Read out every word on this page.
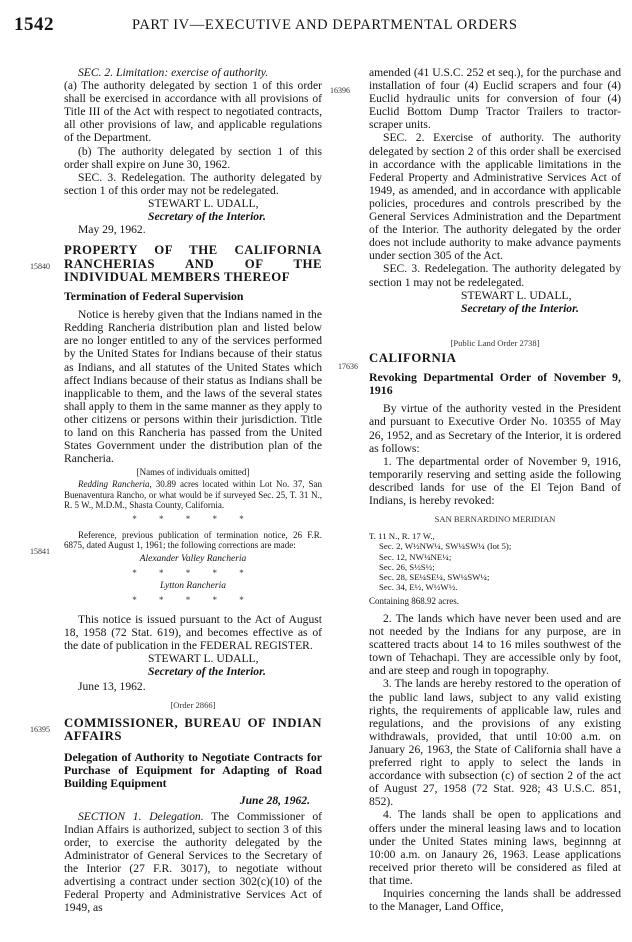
1542	PART IV—EXECUTIVE AND DEPARTMENTAL ORDERS
16396
15840
17636
15841
16395

SEC. 2. Limitation: exercise of authority.

(a) The authority delegated by section 1 of this order shall be exercised in accordance with all provisions of Title III of the Act with respect to negotiated contracts, all other provisions of law, and applicable regulations of the Department.

(b) The authority delegated by section 1 of this order shall expire on June 30, 1962.

SEC. 3. Redelegation. The authority delegated by section 1 of this order may not be redelegated.

STEWART L. UDALL,

Secretary of the Interior.

May 29, 1962.

PROPERTY OF THE CALIFORNIA RANCHERIAS AND OF THE INDIVIDUAL MEMBERS THEREOF

Termination of Federal Supervision

Notice is hereby given that the Indians named in the Redding Rancheria distribution plan and listed below are no longer entitled to any of the services performed by the United States for Indians because of their status as Indians, and all statutes of the United States which affect Indians because of their status as Indians shall be inapplicable to them, and the laws of the several states shall apply to them in the same manner as they apply to other citizens or persons within their jurisdiction. Title to land on this Rancheria has passed from the United States Government under the distribution plan of the Rancheria.

[Names of individuals omitted]

Redding Rancheria, 30.89 acres located within Lot No. 37, San Buenaventura Rancho, or what would be if surveyed Sec. 25, T. 31 N., R. 5 W., M.D.M., Shasta County, California.

* * * * *

Reference, previous publication of termination notice, 26 F.R. 6875, dated August 1, 1961; the following corrections are made:

Alexander Valley Rancheria

* * * * *

Lytton Rancheria

* * * * *

This notice is issued pursuant to the Act of August 18, 1958 (72 Stat. 619), and becomes effective as of the date of publication in the FEDERAL REGISTER.

STEWART L. UDALL,

Secretary of the Interior.

June 13, 1962.

[Order 2866]

COMMISSIONER, BUREAU OF INDIAN AFFAIRS

Delegation of Authority to Negotiate Contracts for Purchase of Equipment for Adapting of Road Building Equipment

June 28, 1962.

SECTION 1. Delegation. The Commissioner of Indian Affairs is authorized, subject to section 3 of this order, to exercise the authority delegated by the Administrator of General Services to the Secretary of the Interior (27 F.R. 3017), to negotiate without advertising a contract under section 302(c)(10) of the Federal Property and Administrative Services Act of 1949, as

amended (41 U.S.C. 252 et seq.), for the purchase and installation of four (4) Euclid scrapers and four (4) Euclid hydraulic units for conversion of four (4) Euclid Bottom Dump Tractor Trailers to tractor-scraper units.

SEC. 2. Exercise of authority. The authority delegated by section 2 of this order shall be exercised in accordance with the applicable limitations in the Federal Property and Administrative Services Act of 1949, as amended, and in accordance with applicable policies, procedures and controls prescribed by the General Services Administration and the Department of the Interior. The authority delegated by the order does not include authority to make advance payments under section 305 of the Act.

SEC. 3. Redelegation. The authority delegated by section 1 may not be redelegated.

STEWART L. UDALL,

Secretary of the Interior.

[Public Land Order 2738]

CALIFORNIA

Revoking Departmental Order of November 9, 1916

By virtue of the authority vested in the President and pursuant to Executive Order No. 10355 of May 26, 1952, and as Secretary of the Interior, it is ordered as follows:

1. The departmental order of November 9, 1916, temporarily reserving and setting aside the following described lands for use of the El Tejon Band of Indians, is hereby revoked:

SAN BERNARDINO MERIDIAN

T. 11 N., R. 17 W.,
Sec. 2, W½NW¼, SW¼SW¼ (lot 5);
Sec. 12, NW¼NE¼;
Sec. 26, S½S½;
Sec. 28, SE¼SE¼, SW¼SW¼;
Sec. 34, E½, W½W½.

Containing 868.92 acres.

2. The lands which have never been used and are not needed by the Indians for any purpose, are in scattered tracts about 14 to 16 miles southwest of the town of Tehachapi. They are accessible only by foot, and are steep and rough in topography.

3. The lands are hereby restored to the operation of the public land laws, subject to any valid existing rights, the requirements of applicable law, rules and regulations, and the provisions of any existing withdrawals, provided, that until 10:00 a.m. on January 26, 1963, the State of California shall have a preferred right to apply to select the lands in accordance with subsection (c) of section 2 of the act of August 27, 1958 (72 Stat. 928; 43 U.S.C. 851, 852).

4. The lands shall be open to applications and offers under the mineral leasing laws and to location under the United States mining laws, beginnng at 10:00 a.m. on Janaury 26, 1963. Lease applications received prior thereto will be considered as filed at that time.

Inquiries concerning the lands shall be addressed to the Manager, Land Office,
